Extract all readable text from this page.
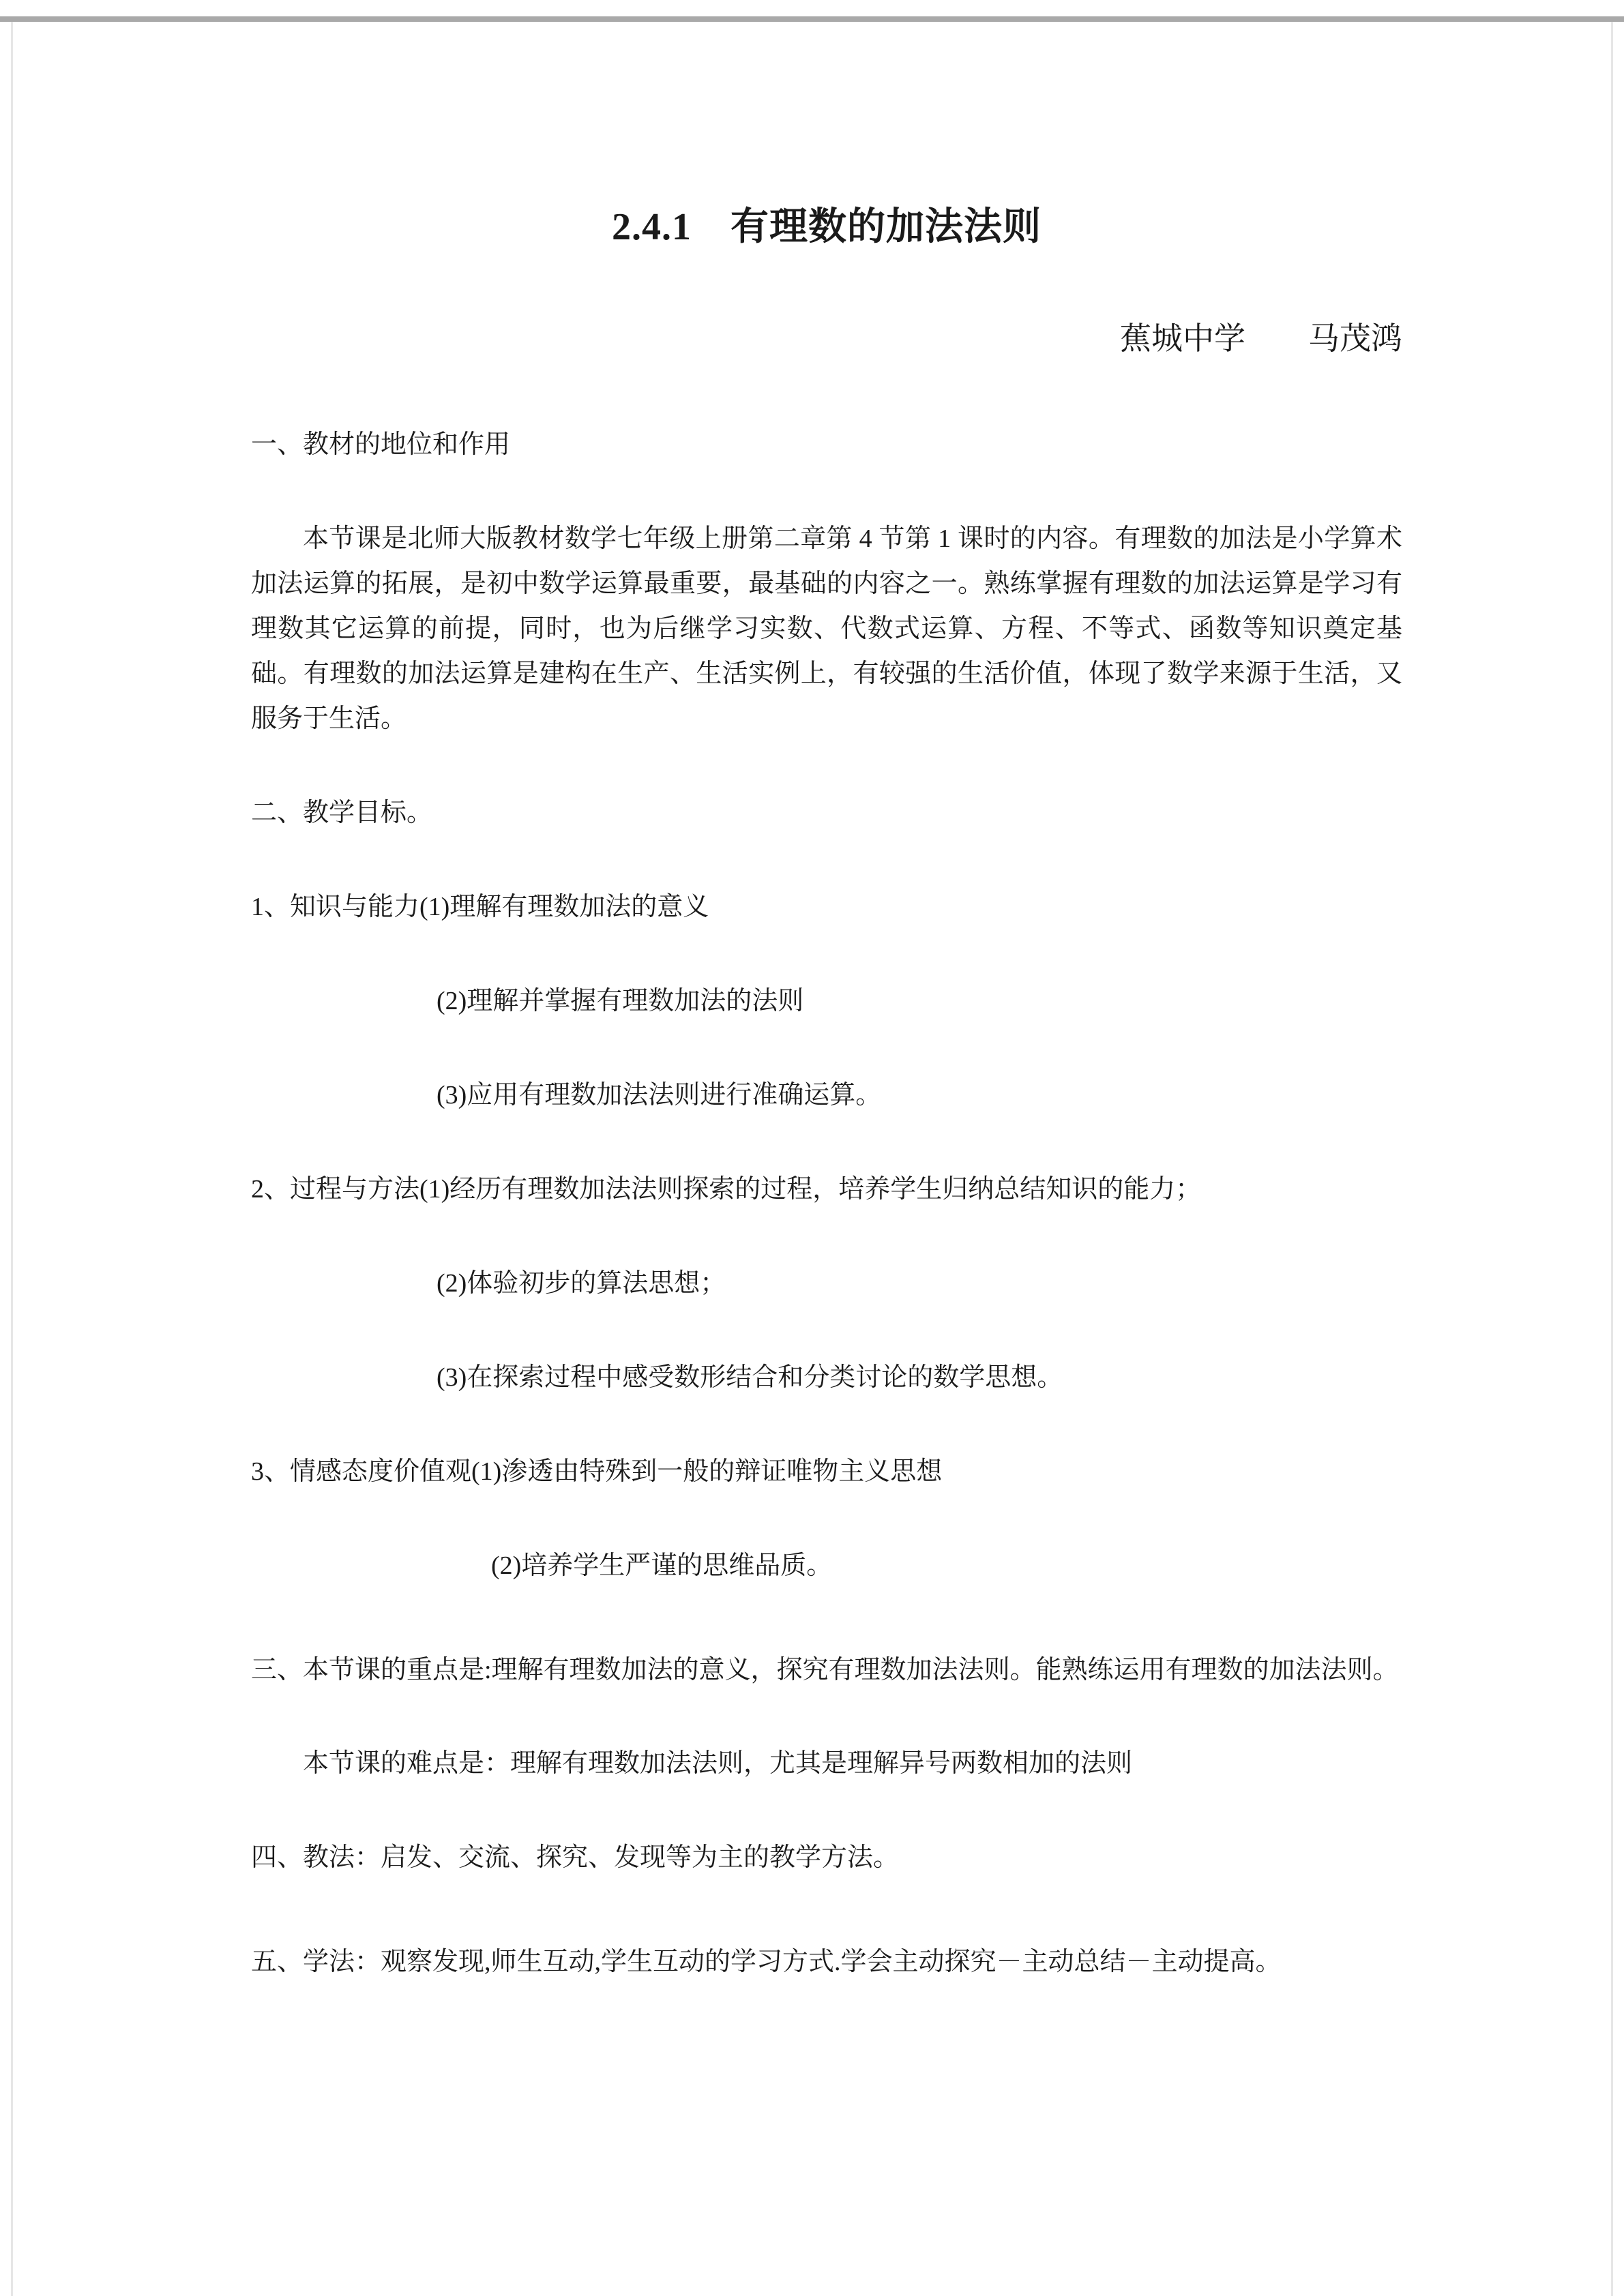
2.4.1　有理数的加法法则
蕉城中学　　马茂鸿
一、教材的地位和作用
本节课是北师大版教材数学七年级上册第二章第 4 节第 1 课时的内容。有理数的加法是小学算术加法运算的拓展，是初中数学运算最重要，最基础的内容之一。熟练掌握有理数的加法运算是学习有理数其它运算的前提，同时，也为后继学习实数、代数式运算、方程、不等式、函数等知识奠定基础。有理数的加法运算是建构在生产、生活实例上，有较强的生活价值，体现了数学来源于生活，又服务于生活。
二、教学目标。
1、知识与能力(1)理解有理数加法的意义
(2)理解并掌握有理数加法的法则
(3)应用有理数加法法则进行准确运算。
2、过程与方法(1)经历有理数加法法则探索的过程，培养学生归纳总结知识的能力；
(2)体验初步的算法思想；
(3)在探索过程中感受数形结合和分类讨论的数学思想。
3、情感态度价值观(1)渗透由特殊到一般的辩证唯物主义思想
(2)培养学生严谨的思维品质。
三、本节课的重点是:理解有理数加法的意义，探究有理数加法法则。能熟练运用有理数的加法法则。
本节课的难点是：理解有理数加法法则，尤其是理解异号两数相加的法则
四、教法：启发、交流、探究、发现等为主的教学方法。
五、学法：观察发现,师生互动,学生互动的学习方式.学会主动探究－主动总结－主动提高。
